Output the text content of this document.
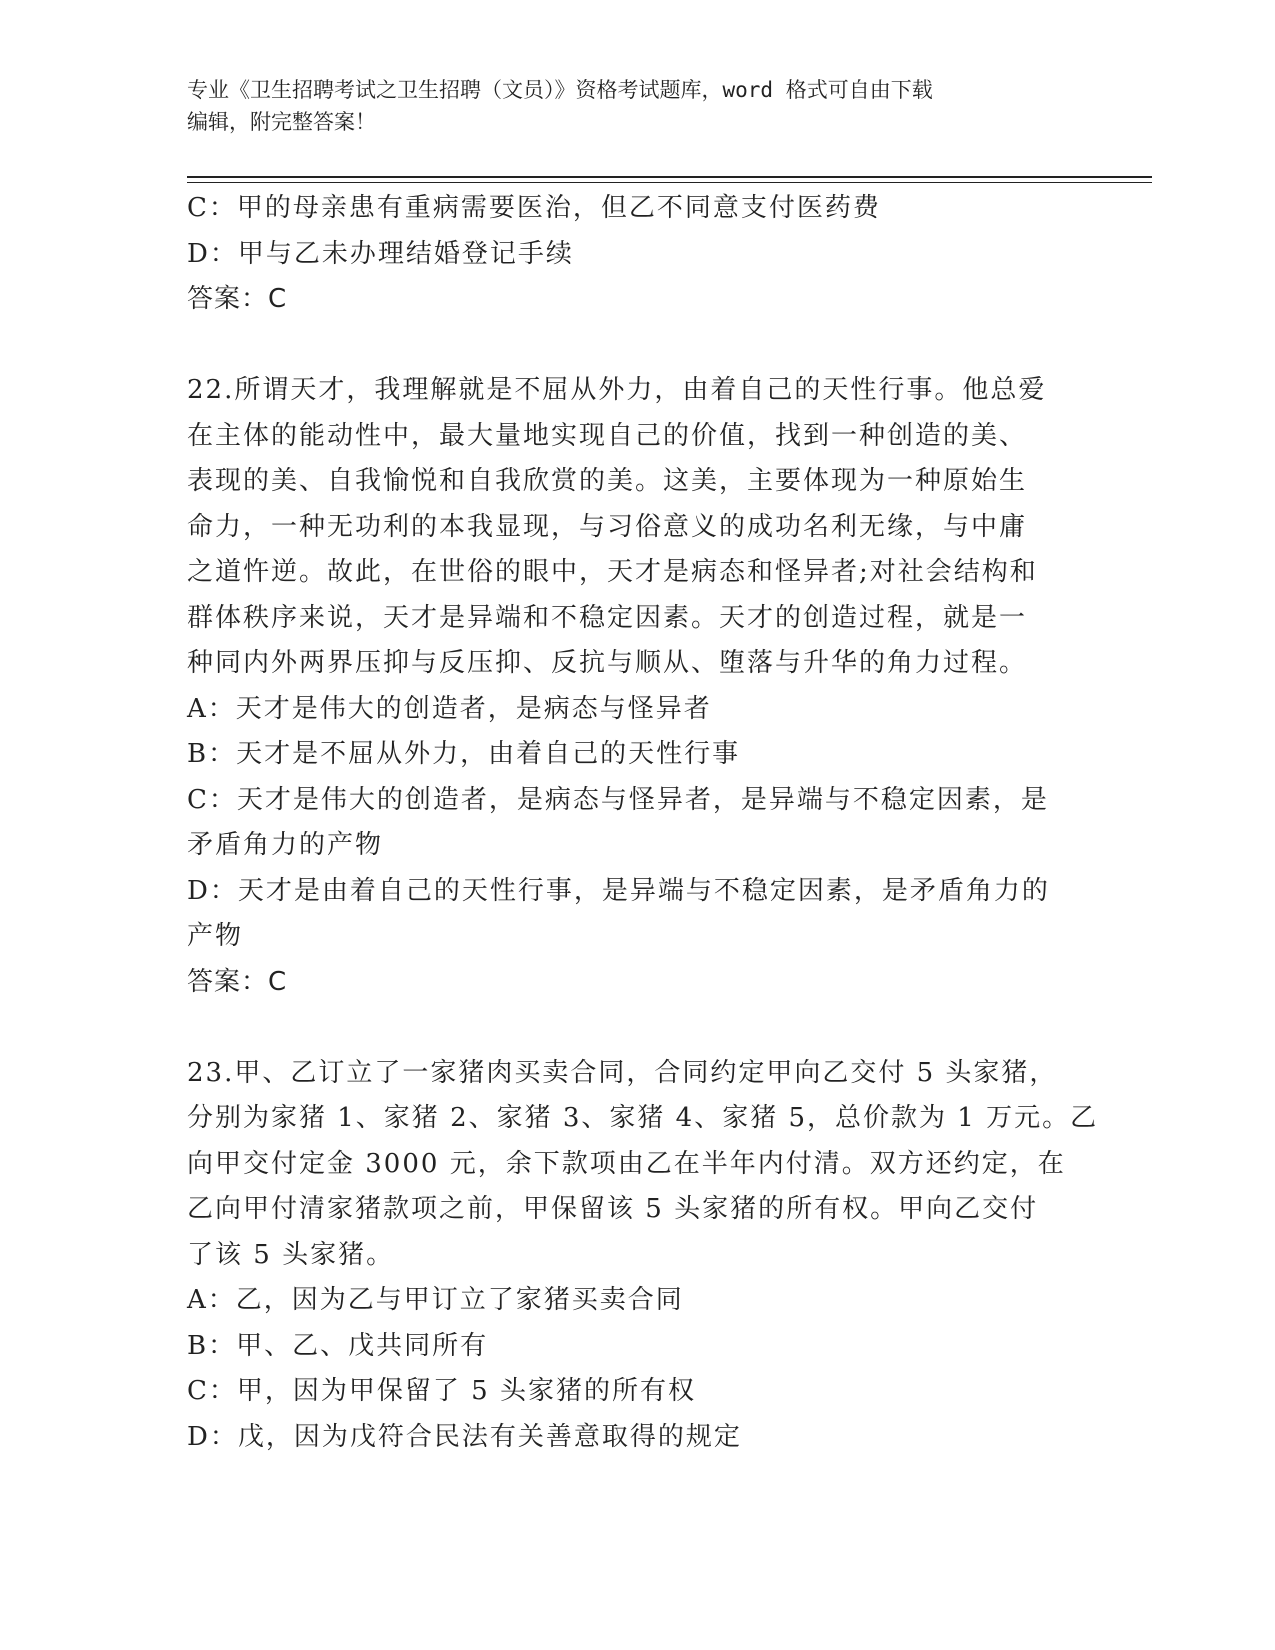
专业《卫生招聘考试之卫生招聘（文员）》资格考试题库，word 格式可自由下载
编辑，附完整答案！
C：甲的母亲患有重病需要医治，但乙不同意支付医药费
D：甲与乙未办理结婚登记手续
答案：C
22.所谓天才，我理解就是不屈从外力，由着自己的天性行事。他总爱
在主体的能动性中，最大量地实现自己的价值，找到一种创造的美、
表现的美、自我愉悦和自我欣赏的美。这美，主要体现为一种原始生
命力，一种无功利的本我显现，与习俗意义的成功名利无缘，与中庸
之道忤逆。故此，在世俗的眼中，天才是病态和怪异者;对社会结构和
群体秩序来说，天才是异端和不稳定因素。天才的创造过程，就是一
种同内外两界压抑与反压抑、反抗与顺从、堕落与升华的角力过程。
A：天才是伟大的创造者，是病态与怪异者
B：天才是不屈从外力，由着自己的天性行事
C：天才是伟大的创造者，是病态与怪异者，是异端与不稳定因素，是
矛盾角力的产物
D：天才是由着自己的天性行事，是异端与不稳定因素，是矛盾角力的
产物
答案：C
23.甲、乙订立了一家猪肉买卖合同，合同约定甲向乙交付 5 头家猪，
分别为家猪 1、家猪 2、家猪 3、家猪 4、家猪 5，总价款为 1 万元。乙
向甲交付定金 3000 元，余下款项由乙在半年内付清。双方还约定，在
乙向甲付清家猪款项之前，甲保留该 5 头家猪的所有权。甲向乙交付
了该 5 头家猪。
A：乙，因为乙与甲订立了家猪买卖合同
B：甲、乙、戊共同所有
C：甲，因为甲保留了 5 头家猪的所有权
D：戊，因为戊符合民法有关善意取得的规定
